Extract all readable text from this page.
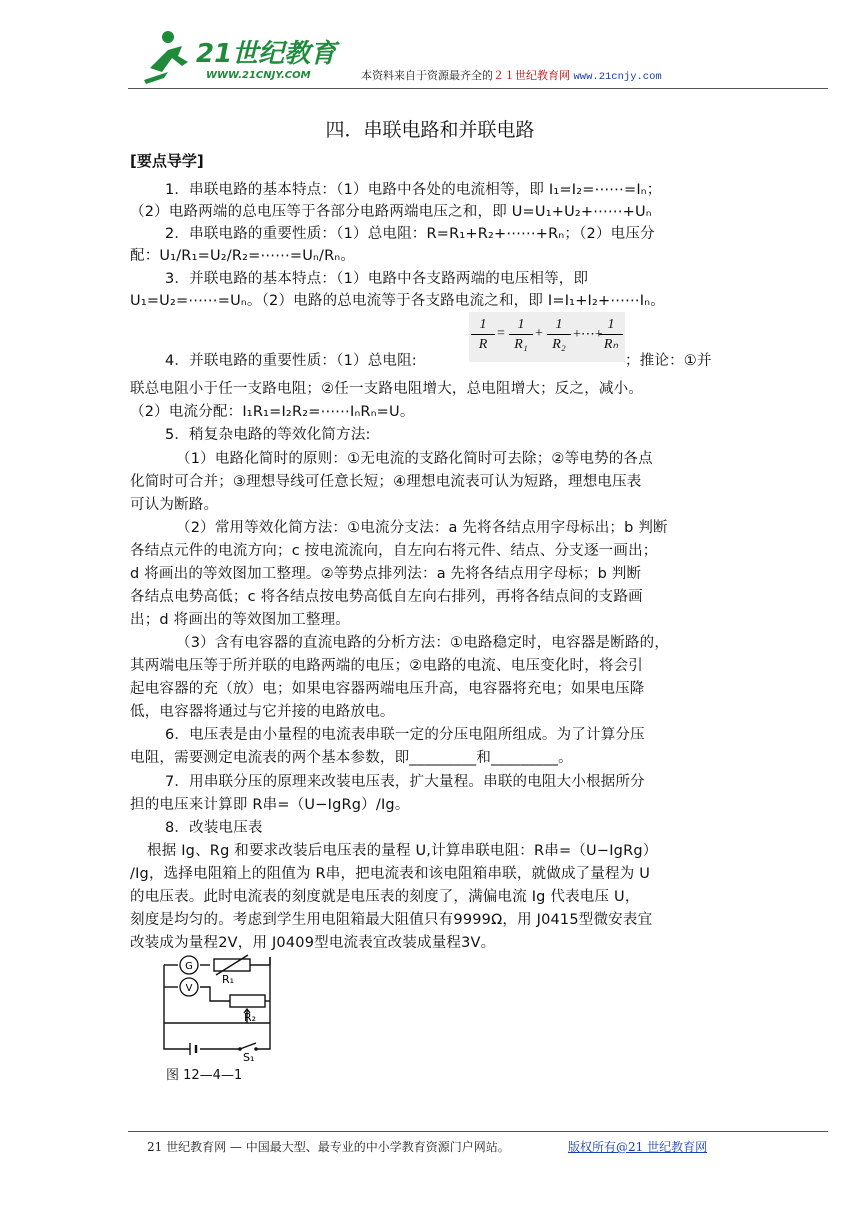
21世纪教育
WWW.21CNJY.COM	本资料来自于资源最齐全的２１世纪教育网 www.21cnjy.com
四．串联电路和并联电路
[要点导学]
1．串联电路的基本特点：（1）电路中各处的电流相等，即 I₁=I₂=⋯⋯=Iₙ；
（2）电路两端的总电压等于各部分电路两端电压之和，即 U=U₁+U₂+⋯⋯+Uₙ
2．串联电路的重要性质：（1）总电阻：R=R₁+R₂+⋯⋯+Rₙ；（2）电压分
配：U₁/R₁=U₂/R₂=⋯⋯=Uₙ/Rₙ。
3．并联电路的基本特点：（1）电路中各支路两端的电压相等，即
U₁=U₂=⋯⋯=Uₙ。（2）电路的总电流等于各支路电流之和，即 I=I₁+I₂+⋯⋯Iₙ。
4．并联电路的重要性质：（1）总电阻:
$\frac{1}{R} = \frac{1}{\text{R₁}} + \frac{1}{\text{R₂}}$ +⋯+
$\frac{1}{\text{Rₙ}}$
；推论：①并
联总电阻小于任一支路电阻；②任一支路电阻增大，总电阻增大；反之，减小。
（2）电流分配：I₁R₁=I₂R₂=⋯⋯IₙRₙ=U。
5．稍复杂电路的等效化简方法:
（1）电路化简时的原则：①无电流的支路化简时可去除；②等电势的各点
化简时可合并；③理想导线可任意长短；④理想电流表可认为短路，理想电压表
可认为断路。
（2）常用等效化简方法：①电流分支法：a 先将各结点用字母标出；b 判断
各结点元件的电流方向；c 按电流流向，自左向右将元件、结点、分支逐一画出；
d 将画出的等效图加工整理。②等势点排列法：a 先将各结点用字母标；b 判断
各结点电势高低；c 将各结点按电势高低自左向右排列，再将各结点间的支路画
出；d 将画出的等效图加工整理。
（3）含有电容器的直流电路的分析方法：①电路稳定时，电容器是断路的，
其两端电压等于所并联的电路两端的电压；②电路的电流、电压变化时，将会引
起电容器的充（放）电；如果电容器两端电压升高，电容器将充电；如果电压降
低，电容器将通过与它并接的电路放电。
6．电压表是由小量程的电流表串联一定的分压电阻所组成。为了计算分压
电阻，需要测定电流表的两个基本参数，即_________和_________。
7．用串联分压的原理来改装电压表，扩大量程。串联的电阻大小根据所分
担的电压来计算即 R串=（U−IgRg）/Ig。
8．改装电压表
根据 Ig、Rg 和要求改装后电压表的量程 U,计算串联电阻：R串=（U−IgRg）
/Ig，选择电阻箱上的阻值为 R串，把电流表和该电阻箱串联，就做成了量程为 U
的电压表。此时电流表的刻度就是电压表的刻度了，满偏电流 Ig 代表电压 U，
刻度是均匀的。考虑到学生用电阻箱最大阻值只有9999Ω，用 J0415型微安表宜
改装成为量程2V，用 J0409型电流表宜改装成量程3V。
G
V
R₁
R₂
S₁
图 12—4—1
21 世纪教育网 — 中国最大型、最专业的中小学教育资源门户网站。	版权所有@21 世纪教育网
